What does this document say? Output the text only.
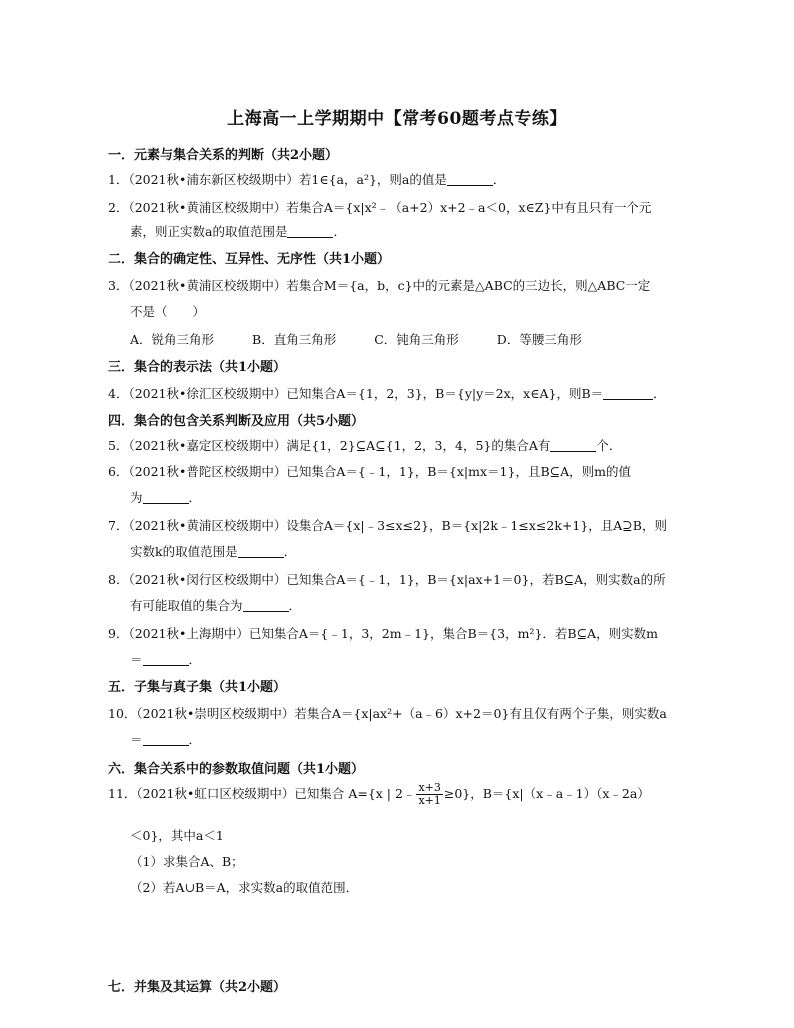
上海高一上学期期中【常考60题考点专练】
一．元素与集合关系的判断（共2小题）
1．（2021秋•浦东新区校级期中）若1∈{a，a²}，则a的值是	．
2．（2021秋•黄浦区校级期中）若集合A＝{x|x²﹣（a+2）x+2﹣a＜0，x∈Z}中有且只有一个元
素，则正实数a的取值范围是	．
二．集合的确定性、互异性、无序性（共1小题）
3．（2021秋•黄浦区校级期中）若集合M＝{a，b，c}中的元素是△ABC的三边长，则△ABC一定
不是（　　）
A．锐角三角形	B．直角三角形	C．钝角三角形	D．等腰三角形
三．集合的表示法（共1小题）
4．（2021秋•徐汇区校级期中）已知集合A＝{1，2，3}，B＝{y|y＝2x，x∈A}，则B＝	．
四．集合的包含关系判断及应用（共5小题）
5．（2021秋•嘉定区校级期中）满足{1，2}⊆A⊆{1，2，3，4，5}的集合A有	个．
6．（2021秋•普陀区校级期中）已知集合A＝{﹣1，1}，B＝{x|mx＝1}，且B⊆A，则m的值
为	．
7．（2021秋•黄浦区校级期中）设集合A＝{x|﹣3≤x≤2}，B＝{x|2k﹣1≤x≤2k+1}，且A⊇B，则
实数k的取值范围是	．
8．（2021秋•闵行区校级期中）已知集合A＝{﹣1，1}，B＝{x|ax+1＝0}，若B⊆A，则实数a的所
有可能取值的集合为	．
9．（2021秋•上海期中）已知集合A＝{﹣1，3，2m﹣1}，集合B＝{3，m²}．若B⊆A，则实数m
＝	．
五．子集与真子集（共1小题）
10．（2021秋•崇明区校级期中）若集合A＝{x|ax²+（a﹣6）x+2＝0}有且仅有两个子集，则实数a
＝	．
六．集合关系中的参数取值问题（共1小题）
11．（2021秋•虹口区校级期中）已知集合 A={x | 2﹣ $\frac{x+3}{x+1} \ge 0$}，B＝{x|（x﹣a﹣1）（x﹣2a）
＜0}，其中a＜1
（1）求集合A、B；
（2）若A∪B＝A，求实数a的取值范围．
七．并集及其运算（共2小题）
